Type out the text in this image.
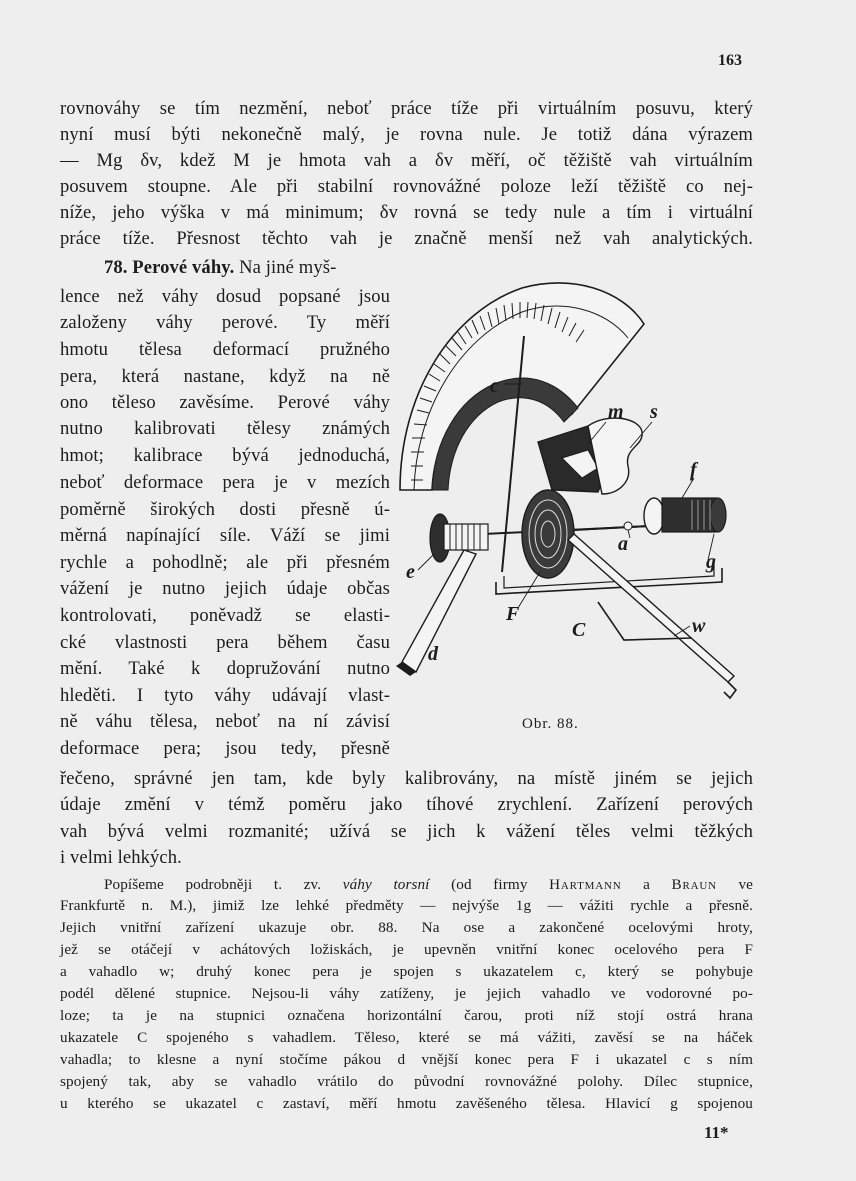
163
rovnováhy se tím nezmění, neboť práce tíže při virtuálním posuvu, který
nyní musí býti nekonečně malý, je rovna nule. Je totiž dána výrazem
— Mg δv, kdež M je hmota vah a δv měří, oč těžiště vah virtuálním
posuvem stoupne. Ale při stabilní rovnovážné poloze leží těžiště co nej-
níže, jeho výška v má minimum; δv rovná se tedy nule a tím i virtuální
práce tíže. Přesnost těchto vah je značně menší než vah analytických.
78. Perové váhy. Na jiné myš-
lence než váhy dosud popsané jsou
založeny váhy perové. Ty měří
hmotu tělesa deformací pružného
pera, která nastane, když na ně
ono těleso zavěsíme. Perové váhy
nutno kalibrovati tělesy známých
hmot; kalibrace bývá jednoduchá,
neboť deformace pera je v mezích
poměrně širokých dosti přesně ú-
měrná napínající síle. Váží se jimi
rychle a pohodlně; ale při přesném
vážení je nutno jejich údaje občas
kontrolovati, poněvadž se elasti-
cké vlastnosti pera během času
mění. Také k dopružování nutno
hleděti. I tyto váhy udávají vlast-
ně váhu tělesa, neboť na ní závisí
deformace pera; jsou tedy, přesně
c
m s
f
a
g
e
F
C	w
d
Obr. 88.
řečeno, správné jen tam, kde byly kalibrovány, na místě jiném se jejich
údaje změní v témž poměru jako tíhové zrychlení. Zařízení perových
vah bývá velmi rozmanité; užívá se jich k vážení těles velmi těžkých
i velmi lehkých.
Popíšeme podrobněji t. zv. váhy torsní (od firmy Hartmann a Braun ve
Frankfurtě n. M.), jimiž lze lehké předměty — nejvýše 1g — vážiti rychle a přesně.
Jejich vnitřní zařízení ukazuje obr. 88. Na ose a zakončené ocelovými hroty,
jež se otáčejí v achátových ložiskách, je upevněn vnitřní konec ocelového pera F
a vahadlo w; druhý konec pera je spojen s ukazatelem c, který se pohybuje
podél dělené stupnice. Nejsou-li váhy zatíženy, je jejich vahadlo ve vodorovné po-
loze; ta je na stupnici označena horizontální čarou, proti níž stojí ostrá hrana
ukazatele C spojeného s vahadlem. Těleso, které se má vážiti, zavěsí se na háček
vahadla; to klesne a nyní stočíme pákou d vnější konec pera F i ukazatel c s ním
spojený tak, aby se vahadlo vrátilo do původní rovnovážné polohy. Dílec stupnice,
u kterého se ukazatel c zastaví, měří hmotu zavěšeného tělesa. Hlavicí g spojenou
11*
